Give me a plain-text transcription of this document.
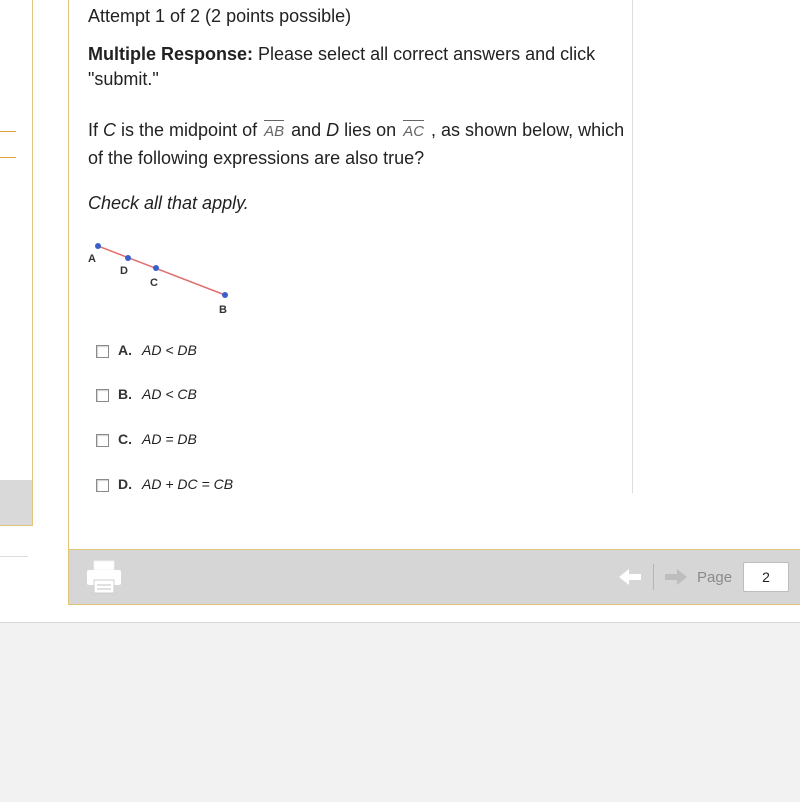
Attempt 1 of 2 (2 points possible)
Multiple Response: Please select all correct answers and click "submit."
If C is the midpoint of AB and D lies on AC , as shown below, which of the following expressions are also true?
Check all that apply.
A
D
C
B
A. AD < DB
B. AD < CB
C. AD = DB
D. AD + DC = CB
Page	2
